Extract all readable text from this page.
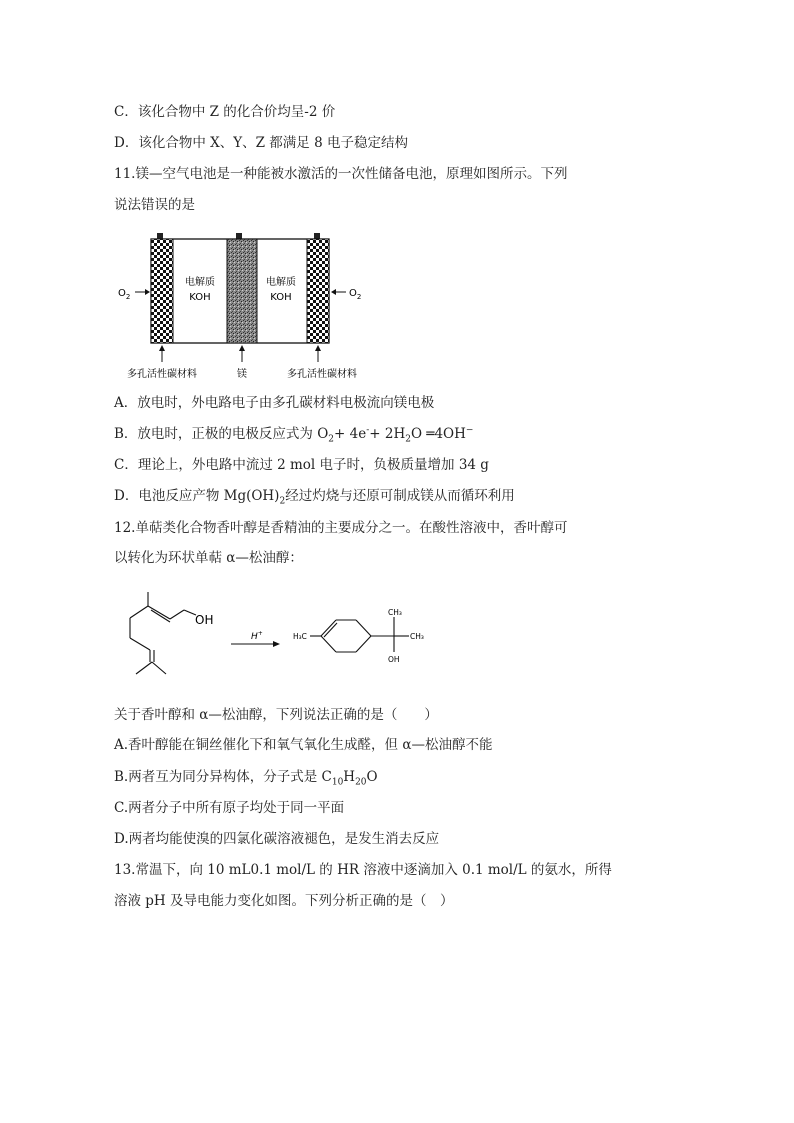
C．该化合物中 Z 的化合价均呈-2 价
D．该化合物中 X、Y、Z 都满足 8 电子稳定结构
11.镁—空气电池是一种能被水激活的一次性储备电池，原理如图所示。下列
说法错误的是
电解质
KOH
电解质
KOH
$O_2$	$O_2$
多孔活性碳材料	镁	多孔活性碳材料
A．放电时，外电路电子由多孔碳材料电极流向镁电极
B．放电时，正极的电极反应式为 $O_2+ 4e^-+ 2H_2O$ ═4OH−
C．理论上，外电路中流过 2 mol 电子时，负极质量增加 34 g
D．电池反应产物 $Mg(OH)_2$经过灼烧与还原可制成镁从而循环利用
12.单萜类化合物香叶醇是香精油的主要成分之一。在酸性溶液中，香叶醇可
以转化为环状单萜 α—松油醇：
OH
H+	H₃C
CH₃
CH₃
OH
关于香叶醇和 α—松油醇，下列说法正确的是（　　）
A.香叶醇能在铜丝催化下和氧气氧化生成醛，但 α—松油醇不能
B.两者互为同分异构体，分子式是 $C_{10}H_{20}O$
C.两者分子中所有原子均处于同一平面
D.两者均能使溴的四氯化碳溶液褪色，是发生消去反应
13.常温下，向 10 mL0.1 mol/L 的 HR 溶液中逐滴加入 0.1 mol/L 的氨水，所得
溶液 pH 及导电能力变化如图。下列分析正确的是（　）
